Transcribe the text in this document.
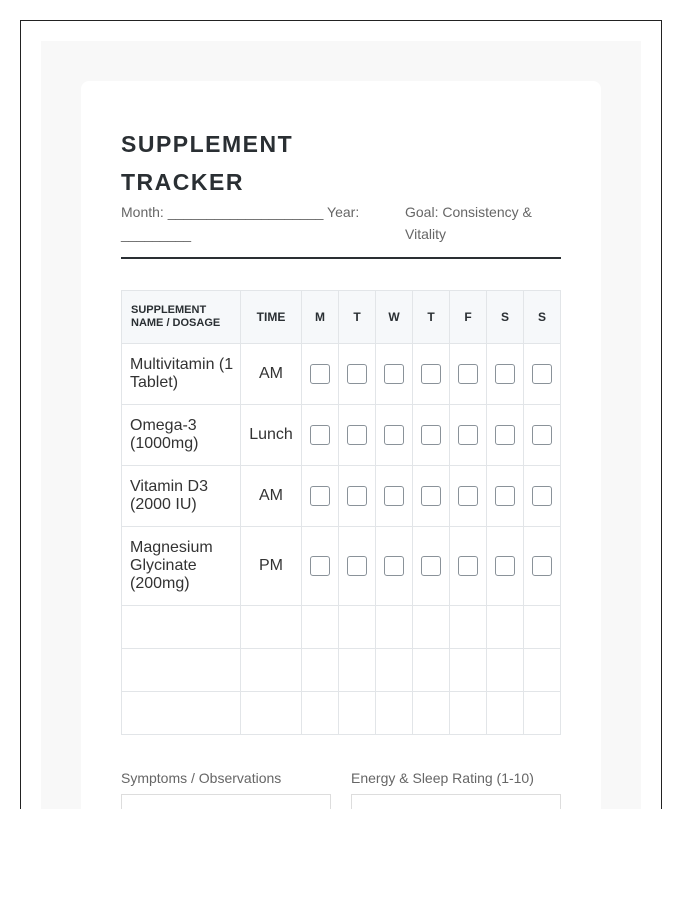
SUPPLEMENT TRACKER
Month: ____________________ Year: _________
Goal: Consistency & Vitality
SUPPLEMENT NAME / DOSAGE	TIME	M	T	W	T	F	S	S
Multivitamin (1 Tablet)	AM							
Omega-3 (1000mg)	Lunch							
Vitamin D3 (2000 IU)	AM							
Magnesium Glycinate (200mg)	PM							

Symptoms / Observations	Energy & Sleep Rating (1-10)
